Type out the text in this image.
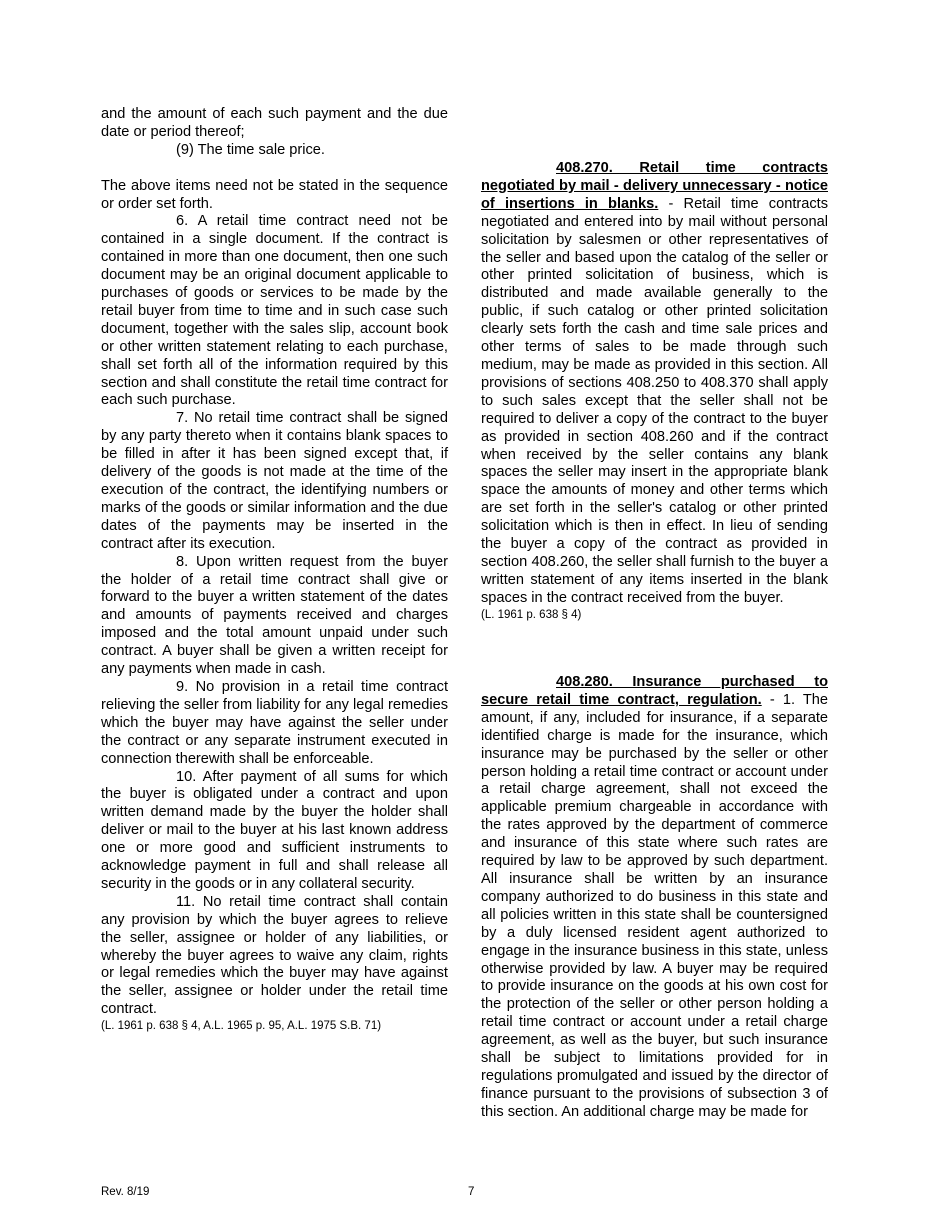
and the amount of each such payment and the due date or period thereof;

(9) The time sale price.

The above items need not be stated in the sequence or order set forth.

6. A retail time contract need not be contained in a single document. If the contract is contained in more than one document, then one such document may be an original document applicable to purchases of goods or services to be made by the retail buyer from time to time and in such case such document, together with the sales slip, account book or other written statement relating to each purchase, shall set forth all of the information required by this section and shall constitute the retail time contract for each such purchase.

7. No retail time contract shall be signed by any party thereto when it contains blank spaces to be filled in after it has been signed except that, if delivery of the goods is not made at the time of the execution of the contract, the identifying numbers or marks of the goods or similar information and the due dates of the payments may be inserted in the contract after its execution.

8. Upon written request from the buyer the holder of a retail time contract shall give or forward to the buyer a written statement of the dates and amounts of payments received and charges imposed and the total amount unpaid under such contract. A buyer shall be given a written receipt for any payments when made in cash.

9. No provision in a retail time contract relieving the seller from liability for any legal remedies which the buyer may have against the seller under the contract or any separate instrument executed in connection therewith shall be enforceable.

10. After payment of all sums for which the buyer is obligated under a contract and upon written demand made by the buyer the holder shall deliver or mail to the buyer at his last known address one or more good and sufficient instruments to acknowledge payment in full and shall release all security in the goods or in any collateral security.

11. No retail time contract shall contain any provision by which the buyer agrees to relieve the seller, assignee or holder of any liabilities, or whereby the buyer agrees to waive any claim, rights or legal remedies which the buyer may have against the seller, assignee or holder under the retail time contract.

(L. 1961 p. 638 § 4, A.L. 1965 p. 95, A.L. 1975 S.B. 71)

408.270. Retail time contracts negotiated by mail - delivery unnecessary - notice of insertions in blanks. - Retail time contracts negotiated and entered into by mail without personal solicitation by salesmen or other representatives of the seller and based upon the catalog of the seller or other printed solicitation of business, which is distributed and made available generally to the public, if such catalog or other printed solicitation clearly sets forth the cash and time sale prices and other terms of sales to be made through such medium, may be made as provided in this section. All provisions of sections 408.250 to 408.370 shall apply to such sales except that the seller shall not be required to deliver a copy of the contract to the buyer as provided in section 408.260 and if the contract when received by the seller contains any blank spaces the seller may insert in the appropriate blank space the amounts of money and other terms which are set forth in the seller's catalog or other printed solicitation which is then in effect. In lieu of sending the buyer a copy of the contract as provided in section 408.260, the seller shall furnish to the buyer a written statement of any items inserted in the blank spaces in the contract received from the buyer.

(L. 1961 p. 638 § 4)

408.280. Insurance purchased to secure retail time contract, regulation. - 1. The amount, if any, included for insurance, if a separate identified charge is made for the insurance, which insurance may be purchased by the seller or other person holding a retail time contract or account under a retail charge agreement, shall not exceed the applicable premium chargeable in accordance with the rates approved by the department of commerce and insurance of this state where such rates are required by law to be approved by such department. All insurance shall be written by an insurance company authorized to do business in this state and all policies written in this state shall be countersigned by a duly licensed resident agent authorized to engage in the insurance business in this state, unless otherwise provided by law. A buyer may be required to provide insurance on the goods at his own cost for the protection of the seller or other person holding a retail time contract or account under a retail charge agreement, as well as the buyer, but such insurance shall be subject to limitations provided for in regulations promulgated and issued by the director of finance pursuant to the provisions of subsection 3 of this section. An additional charge may be made for

Rev. 8/19	7
